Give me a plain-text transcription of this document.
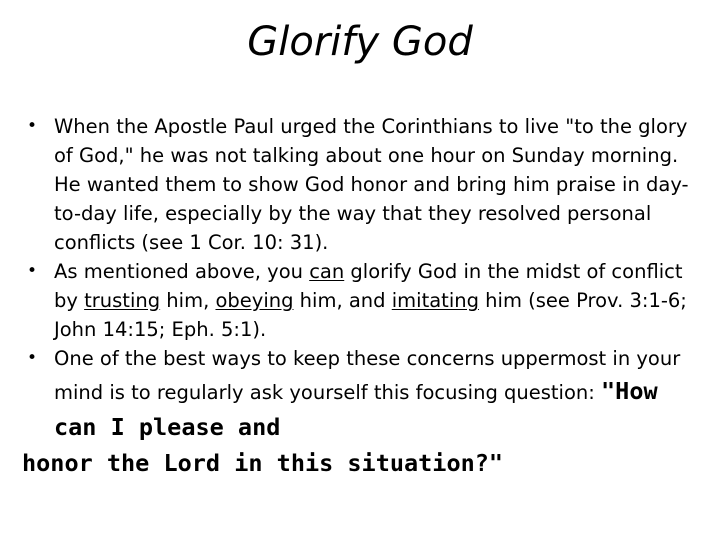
Glorify God
• When the Apostle Paul urged the Corinthians to live "to the glory of God," he was not talking about one hour on Sunday morning. He wanted them to show God honor and bring him praise in day-to-day life, especially by the way that they resolved personal conflicts (see 1 Cor. 10: 31).
• As mentioned above, you can glorify God in the midst of conflict by trusting him, obeying him, and imitating him (see Prov. 3:1-6; John 14:15; Eph. 5:1).
• One of the best ways to keep these concerns uppermost in your mind is to regularly ask yourself this focusing question: "How can I please and
honor the Lord in this situation?"
